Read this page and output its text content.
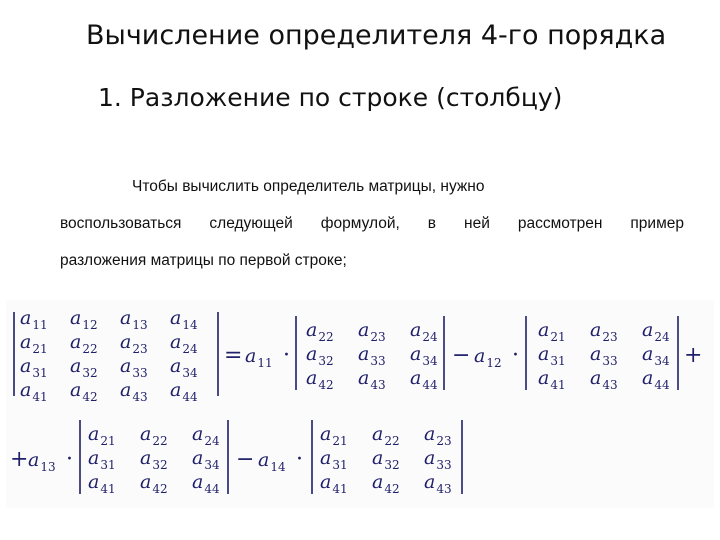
Вычисление определителя 4-го порядка
1. Разложение по строке (столбцу)
Чтобы вычислить определитель матрицы, нужно
воспользоваться следующей формулой, в ней рассмотрен пример
разложения матрицы по первой строке;
$a_{11}$ $a_{12}$ $a_{13}$ $a_{14}$
$a_{21}$ $a_{22}$ $a_{23}$ $a_{24}$
$a_{31}$ $a_{32}$ $a_{33}$ $a_{34}$
$a_{41}$ $a_{42}$ $a_{43}$ $a_{44}$
= $a_{11}$ ·
$a_{22}$ $a_{23}$ $a_{24}$
$a_{32}$ $a_{33}$ $a_{34}$
$a_{42}$ $a_{43}$ $a_{44}$
− $a_{12}$ ·
$a_{21}$ $a_{23}$ $a_{24}$
$a_{31}$ $a_{33}$ $a_{34}$
$a_{41}$ $a_{43}$ $a_{44}$
+
+ $a_{13}$ ·
$a_{21}$ $a_{22}$ $a_{24}$
$a_{31}$ $a_{32}$ $a_{34}$
$a_{41}$ $a_{42}$ $a_{44}$
− $a_{14}$ ·
$a_{21}$ $a_{22}$ $a_{23}$
$a_{31}$ $a_{32}$ $a_{33}$
$a_{41}$ $a_{42}$ $a_{43}$
